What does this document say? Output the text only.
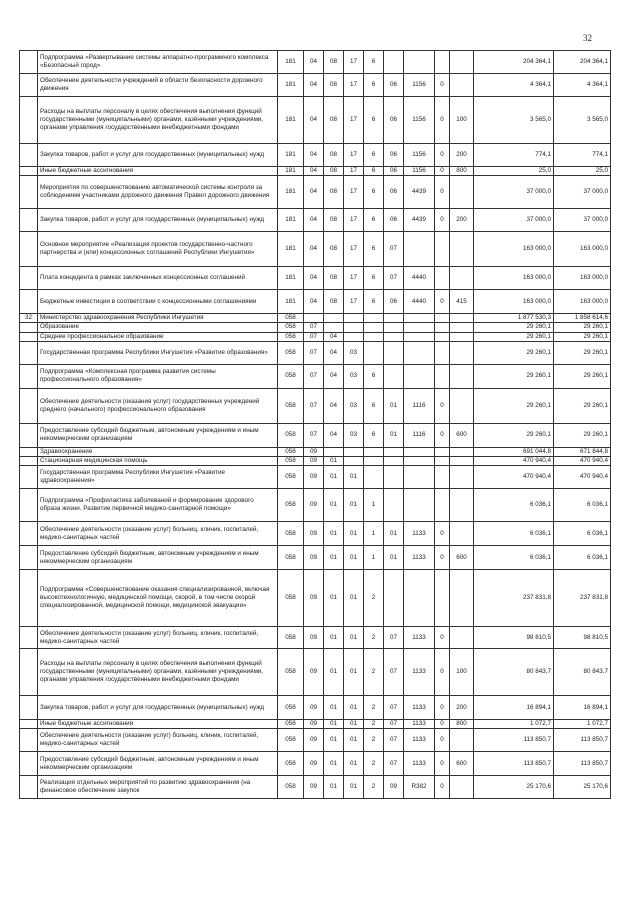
32
	Подпрограмма «Развертывание системы аппаратно-программного комплекса «Безопасный город»	181	04	08	17	6					204 364,1	204 364,1
	Обеспечение деятельности учреждений в области безопасности дорожного движения	181	04	08	17	6	06	1156	0		4 364,1	4 364,1
	Расходы на выплаты персоналу в целях обеспечения выполнения функций государственными (муниципальными) органами, казёнными учреждениями, органами управления государственными внебюджетными фондами	181	04	08	17	6	06	1156	0	100	3 565,0	3 565,0
	Закупка товаров, работ и услуг для государственных (муниципальных) нужд	181	04	08	17	6	06	1156	0	200	774,1	774,1
	Иные бюджетные ассигнования	181	04	08	17	6	06	1156	0	800	25,0	25,0
	Мероприятия по совершенствованию автоматической системы контроля за соблюдением участниками дорожного движения Правил дорожного движения	181	04	08	17	6	06	4439	0		37 000,0	37 000,0
	Закупка товаров, работ и услуг для государственных (муниципальных) нужд	181	04	08	17	6	06	4439	0	200	37 000,0	37 000,0
	Основное мероприятие «Реализация проектов государственно-частного партнерства и (или) концессионных соглашений Республики Ингушетия»	181	04	08	17	6	07				163 000,0	163 000,0
	Плата концедента в рамках заключенных концессионных соглашений	181	04	08	17	6	07	4440			163 000,0	163 000,0
	Бюджетные инвестиции в соответствии с концессионными соглашениями	181	04	08	17	6	06	4440	0	415	163 000,0	163 000,0
32	Министерство здравоохранения Республики Ингушетия	058									1 877 530,3	1 858 614,6
	Образование	058	07								29 260,1	29 260,1
	Среднее профессиональное образование	058	07	04							29 260,1	29 260,1
	Государственная программа Республики Ингушетия «Развитие образования»	058	07	04	03						29 260,1	29 260,1
	Подпрограмма «Комплексная программа развития системы профессионального образования»	058	07	04	03	6					29 260,1	29 260,1
	Обеспечение деятельности (оказания услуг) государственных учреждений среднего (начального) профессионального образования	058	07	04	03	6	01	1116	0		29 260,1	29 260,1
	Предоставление субсидий бюджетным, автономным учреждениям и иным некоммерческим организациям	058	07	04	03	6	01	1116	0	600	29 260,1	29 260,1
	Здравоохранение	058	09								691 044,8	671 844,8
	Стационарная медицинская помощь	058	09	01							470 940,4	470 940,4
	Государственная программа Республики Ингушетия «Развитие здравоохранения»	058	09	01	01						470 940,4	470 940,4
	Подпрограмма «Профилактика заболеваний и формирование здорового образа жизни. Развитие первичной медико-санитарной помощи»	058	09	01	01	1					6 036,1	6 036,1
	Обеспечение деятельности (оказание услуг) больниц, клиник, госпиталей, медико-санитарных частей	058	09	01	01	1	01	1133	0		6 036,1	6 036,1
	Предоставление субсидий бюджетным, автономным учреждениям и иным некоммерческим организациям	058	09	01	01	1	01	1133	0	600	6 036,1	6 036,1
	Подпрограмма «Совершенствование оказания специализированной, включая высокотехнологичную, медицинской помощи, скорой, в том числе скорой специализированной, медицинской помощи, медицинской эвакуации»	058	09	01	01	2					237 831,8	237 831,8
	Обеспечение деятельности (оказание услуг) больниц, клиник, госпиталей, медико-санитарных частей	058	09	01	01	2	07	1133	0		98 810,5	98 810,5
	Расходы на выплаты персоналу в целях обеспечения выполнения функций государственными (муниципальными) органами, казёнными учреждениями, органами управления государственными внебюджетными фондами	058	09	01	01	2	07	1133	0	100	80 843,7	80 843,7
	Закупка товаров, работ и услуг для государственных (муниципальных) нужд	058	09	01	01	2	07	1133	0	200	16 894,1	16 894,1
	Иные бюджетные ассигнования	058	09	01	01	2	07	1133	0	800	1 072,7	1 072,7
	Обеспечение деятельности (оказание услуг) больниц, клиник, госпиталей, медико-санитарных частей	058	09	01	01	2	07	1133	0		113 850,7	113 850,7
	Предоставление субсидий бюджетным, автономным учреждениям и иным некоммерческим организациям	058	09	01	01	2	07	1133	0	600	113 850,7	113 850,7
	Реализация отдельных мероприятий по развитию здравоохранения (на финансовое обеспечение закупок	058	09	01	01	2	09	R382	0		25 170,6	25 170,6
